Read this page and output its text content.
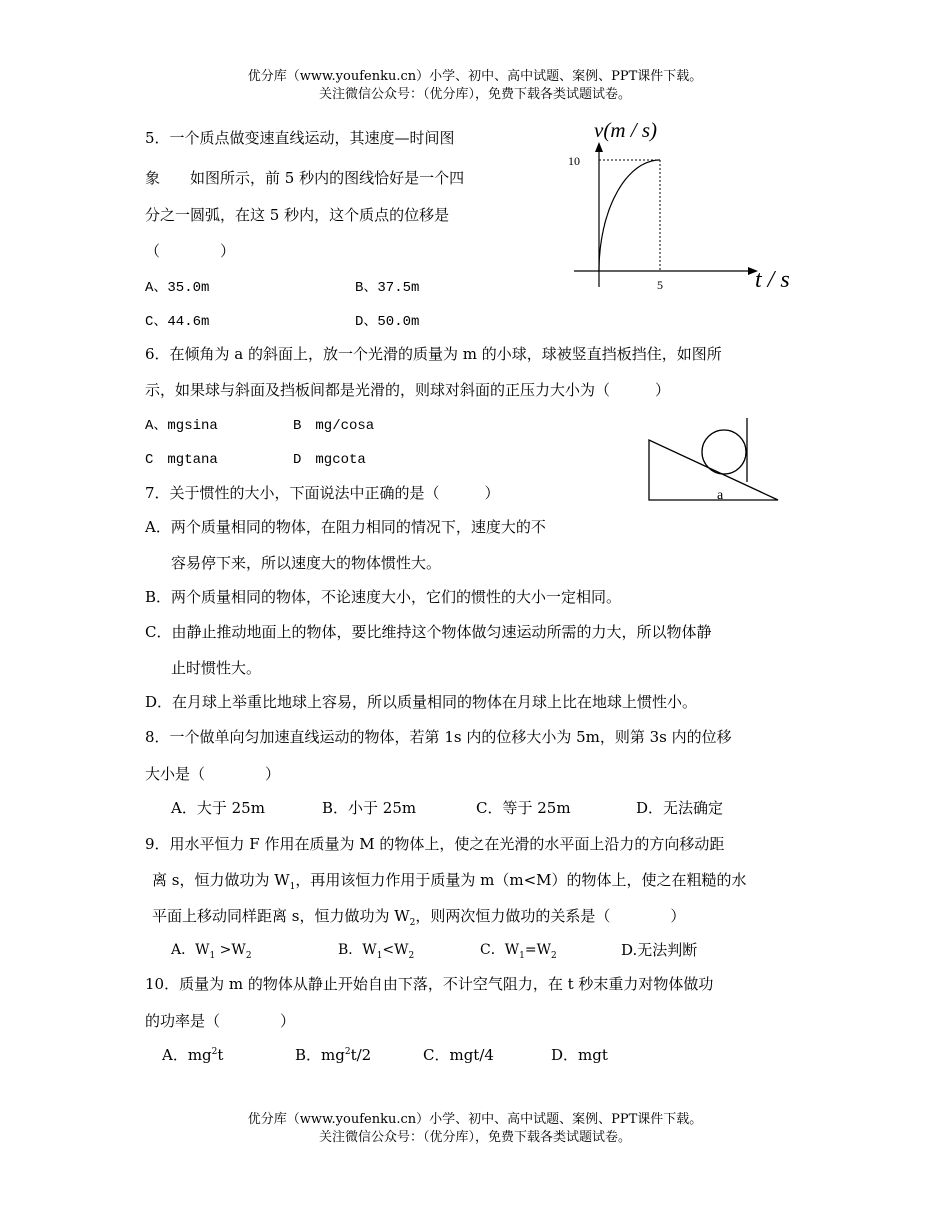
优分库（www.youfenku.cn）小学、初中、高中试题、案例、PPT课件下载。
关注微信公众号：（优分库），免费下载各类试题试卷。
5．一个质点做变速直线运动，其速度—时间图
象　　如图所示，前 5 秒内的图线恰好是一个四
分之一圆弧，在这 5 秒内，这个质点的位移是
（　　　　）
A、35.0m	B、37.5m
C、44.6m	D、50.0m
v(m / s)
t / s
10
5
6．在倾角为 a 的斜面上，放一个光滑的质量为 m 的小球，球被竖直挡板挡住，如图所
示，如果球与斜面及挡板间都是光滑的，则球对斜面的正压力大小为（　　　）
A、mgsina	B　mg/cosa
C　mgtana	D　mgcota
a
7．关于惯性的大小，下面说法中正确的是（　　　）
A．两个质量相同的物体，在阻力相同的情况下，速度大的不
容易停下来，所以速度大的物体惯性大。
B．两个质量相同的物体，不论速度大小，它们的惯性的大小一定相同。
C．由静止推动地面上的物体，要比维持这个物体做匀速运动所需的力大，所以物体静
止时惯性大。
D．在月球上举重比地球上容易，所以质量相同的物体在月球上比在地球上惯性小。
8．一个做单向匀加速直线运动的物体，若第 1s 内的位移大小为 5m，则第 3s 内的位移
大小是（　　　　）
A．大于 25m	B．小于 25m	C．等于 25m	D．无法确定
9．用水平恒力 F 作用在质量为 M 的物体上，使之在光滑的水平面上沿力的方向移动距
离 s，恒力做功为 $W_1$，再用该恒力作用于质量为 m（m<M）的物体上，使之在粗糙的水
平面上移动同样距离 s，恒力做功为 $W_2$，则两次恒力做功的关系是（　　　　）
A．$W_1 >W_2$	B．$W_1<W_2$	C．$W_1=W_2$	D.无法判断
10．质量为 m 的物体从静止开始自由下落，不计空气阻力，在 t 秒末重力对物体做功
的功率是（　　　　）
A．$mg^2t$	B．$mg^2t/2$	C．mgt/4	D．mgt
优分库（www.youfenku.cn）小学、初中、高中试题、案例、PPT课件下载。
关注微信公众号：（优分库），免费下载各类试题试卷。
